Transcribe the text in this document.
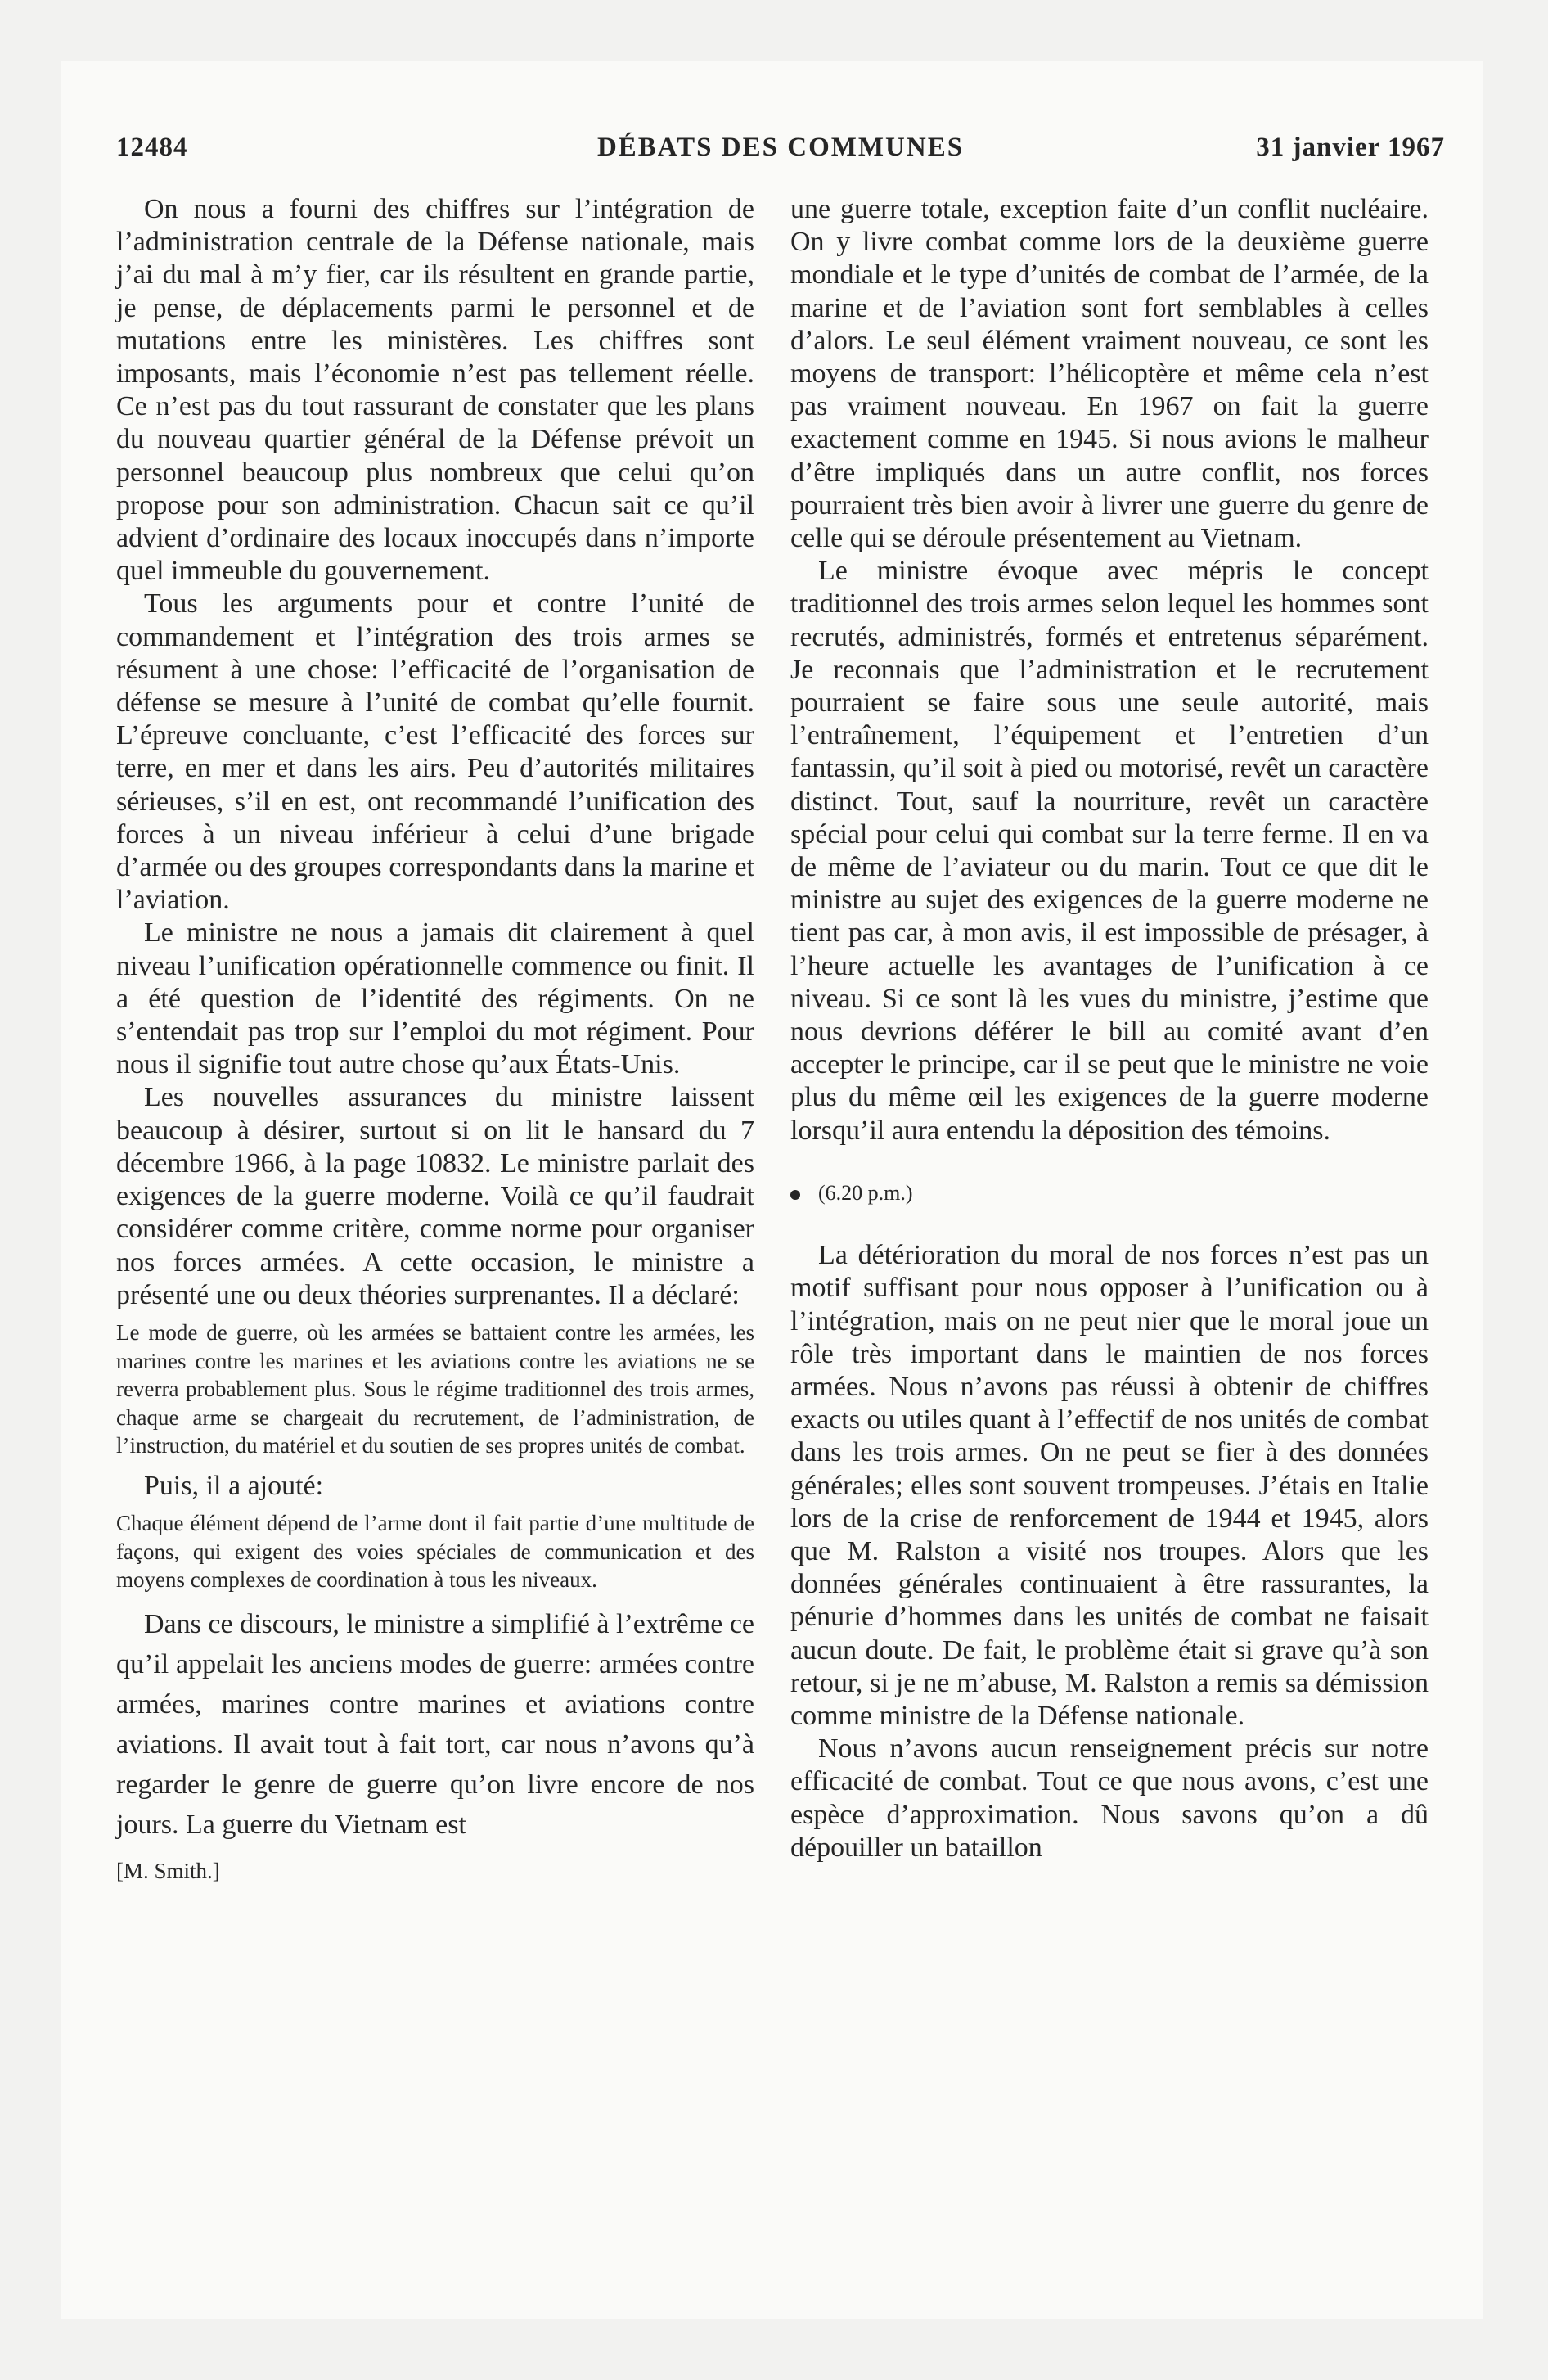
12484	DÉBATS DES COMMUNES	31 janvier 1967

On nous a fourni des chiffres sur l’intégration de l’administration centrale de la Défense nationale, mais j’ai du mal à m’y fier, car ils résultent en grande partie, je pense, de déplacements parmi le personnel et de mutations entre les ministères. Les chiffres sont imposants, mais l’économie n’est pas tellement réelle. Ce n’est pas du tout rassurant de constater que les plans du nouveau quartier général de la Défense prévoit un personnel beaucoup plus nombreux que celui qu’on propose pour son administration. Chacun sait ce qu’il advient d’ordinaire des locaux inoccupés dans n’importe quel immeuble du gouvernement.

Tous les arguments pour et contre l’unité de commandement et l’intégration des trois armes se résument à une chose: l’efficacité de l’organisation de défense se mesure à l’unité de combat qu’elle fournit. L’épreuve concluante, c’est l’efficacité des forces sur terre, en mer et dans les airs. Peu d’autorités militaires sérieuses, s’il en est, ont recommandé l’unification des forces à un niveau inférieur à celui d’une brigade d’armée ou des groupes correspondants dans la marine et l’aviation.

Le ministre ne nous a jamais dit clairement à quel niveau l’unification opérationnelle commence ou finit. Il a été question de l’identité des régiments. On ne s’entendait pas trop sur l’emploi du mot régiment. Pour nous il signifie tout autre chose qu’aux États-Unis.

Les nouvelles assurances du ministre laissent beaucoup à désirer, surtout si on lit le hansard du 7 décembre 1966, à la page 10832. Le ministre parlait des exigences de la guerre moderne. Voilà ce qu’il faudrait considérer comme critère, comme norme pour organiser nos forces armées. A cette occasion, le ministre a présenté une ou deux théories surprenantes. Il a déclaré:

Le mode de guerre, où les armées se battaient contre les armées, les marines contre les marines et les aviations contre les aviations ne se reverra probablement plus. Sous le régime traditionnel des trois armes, chaque arme se chargeait du recrutement, de l’administration, de l’instruction, du matériel et du soutien de ses propres unités de combat.

Puis, il a ajouté:

Chaque élément dépend de l’arme dont il fait partie d’une multitude de façons, qui exigent des voies spéciales de communication et des moyens complexes de coordination à tous les niveaux.

Dans ce discours, le ministre a simplifié à l’extrême ce qu’il appelait les anciens modes de guerre: armées contre armées, marines contre marines et aviations contre aviations. Il avait tout à fait tort, car nous n’avons qu’à regarder le genre de guerre qu’on livre encore de nos jours. La guerre du Vietnam est

[M. Smith.]

une guerre totale, exception faite d’un conflit nucléaire. On y livre combat comme lors de la deuxième guerre mondiale et le type d’unités de combat de l’armée, de la marine et de l’aviation sont fort semblables à celles d’alors. Le seul élément vraiment nouveau, ce sont les moyens de transport: l’hélicoptère et même cela n’est pas vraiment nouveau. En 1967 on fait la guerre exactement comme en 1945. Si nous avions le malheur d’être impliqués dans un autre conflit, nos forces pourraient très bien avoir à livrer une guerre du genre de celle qui se déroule présentement au Vietnam.

Le ministre évoque avec mépris le concept traditionnel des trois armes selon lequel les hommes sont recrutés, administrés, formés et entretenus séparément. Je reconnais que l’administration et le recrutement pourraient se faire sous une seule autorité, mais l’entraînement, l’équipement et l’entretien d’un fantassin, qu’il soit à pied ou motorisé, revêt un caractère distinct. Tout, sauf la nourriture, revêt un caractère spécial pour celui qui combat sur la terre ferme. Il en va de même de l’aviateur ou du marin. Tout ce que dit le ministre au sujet des exigences de la guerre moderne ne tient pas car, à mon avis, il est impossible de présager, à l’heure actuelle les avantages de l’unification à ce niveau. Si ce sont là les vues du ministre, j’estime que nous devrions déférer le bill au comité avant d’en accepter le principe, car il se peut que le ministre ne voie plus du même œil les exigences de la guerre moderne lorsqu’il aura entendu la déposition des témoins.

(6.20 p.m.)

La détérioration du moral de nos forces n’est pas un motif suffisant pour nous opposer à l’unification ou à l’intégration, mais on ne peut nier que le moral joue un rôle très important dans le maintien de nos forces armées. Nous n’avons pas réussi à obtenir de chiffres exacts ou utiles quant à l’effectif de nos unités de combat dans les trois armes. On ne peut se fier à des données générales; elles sont souvent trompeuses. J’étais en Italie lors de la crise de renforcement de 1944 et 1945, alors que M. Ralston a visité nos troupes. Alors que les données générales continuaient à être rassurantes, la pénurie d’hommes dans les unités de combat ne faisait aucun doute. De fait, le problème était si grave qu’à son retour, si je ne m’abuse, M. Ralston a remis sa démission comme ministre de la Défense nationale.

Nous n’avons aucun renseignement précis sur notre efficacité de combat. Tout ce que nous avons, c’est une espèce d’approximation. Nous savons qu’on a dû dépouiller un bataillon
